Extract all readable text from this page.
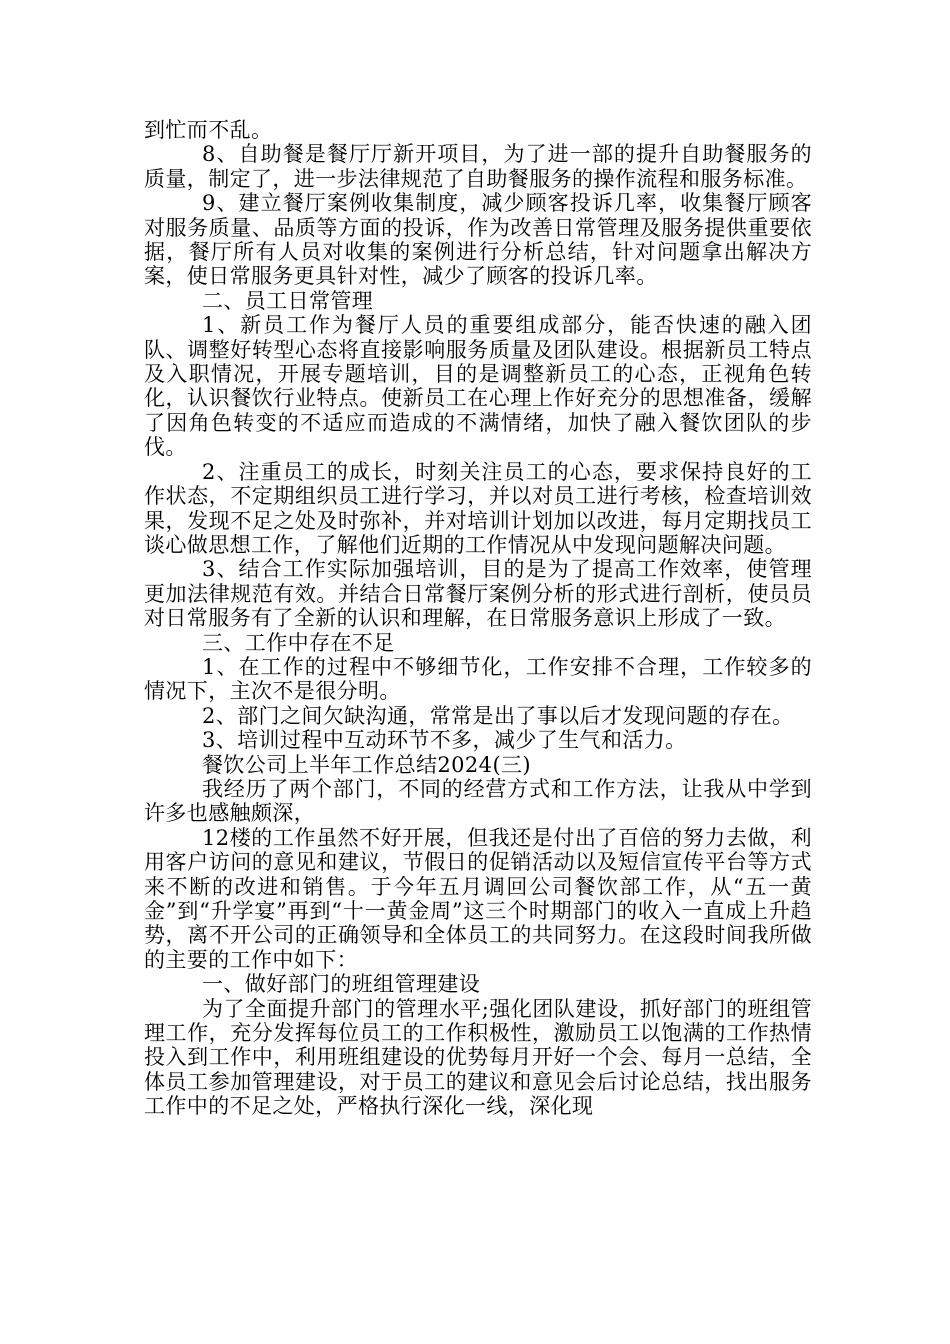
到忙而不乱。

8、自助餐是餐厅厅新开项目，为了进一部的提升自助餐服务的质量，制定了，进一步法律规范了自助餐服务的操作流程和服务标准。

9、建立餐厅案例收集制度，减少顾客投诉几率，收集餐厅顾客对服务质量、品质等方面的投诉，作为改善日常管理及服务提供重要依据，餐厅所有人员对收集的案例进行分析总结，针对问题拿出解决方案，使日常服务更具针对性，减少了顾客的投诉几率。

二、员工日常管理

1、新员工作为餐厅人员的重要组成部分，能否快速的融入团队、调整好转型心态将直接影响服务质量及团队建设。根据新员工特点及入职情况，开展专题培训，目的是调整新员工的心态，正视角色转化，认识餐饮行业特点。使新员工在心理上作好充分的思想准备，缓解了因角色转变的不适应而造成的不满情绪，加快了融入餐饮团队的步伐。

2、注重员工的成长，时刻关注员工的心态，要求保持良好的工作状态，不定期组织员工进行学习，并以对员工进行考核，检查培训效果，发现不足之处及时弥补，并对培训计划加以改进，每月定期找员工谈心做思想工作，了解他们近期的工作情况从中发现问题解决问题。

3、结合工作实际加强培训，目的是为了提高工作效率，使管理更加法律规范有效。并结合日常餐厅案例分析的形式进行剖析，使员员对日常服务有了全新的认识和理解，在日常服务意识上形成了一致。

三、工作中存在不足

1、在工作的过程中不够细节化，工作安排不合理，工作较多的情况下，主次不是很分明。

2、部门之间欠缺沟通，常常是出了事以后才发现问题的存在。

3、培训过程中互动环节不多，减少了生气和活力。

餐饮公司上半年工作总结2024(三)

我经历了两个部门，不同的经营方式和工作方法，让我从中学到许多也感触颇深，

12楼的工作虽然不好开展，但我还是付出了百倍的努力去做，利用客户访问的意见和建议，节假日的促销活动以及短信宣传平台等方式来不断的改进和销售。于今年五月调回公司餐饮部工作，从“五一黄金”到“升学宴”再到“十一黄金周”这三个时期部门的收入一直成上升趋势，离不开公司的正确领导和全体员工的共同努力。在这段时间我所做的主要的工作中如下：

一、做好部门的班组管理建设

为了全面提升部门的管理水平;强化团队建设，抓好部门的班组管理工作，充分发挥每位员工的工作积极性，激励员工以饱满的工作热情投入到工作中，利用班组建设的优势每月开好一个会、每月一总结，全体员工参加管理建设，对于员工的建议和意见会后讨论总结，找出服务工作中的不足之处，严格执行深化一线，深化现
